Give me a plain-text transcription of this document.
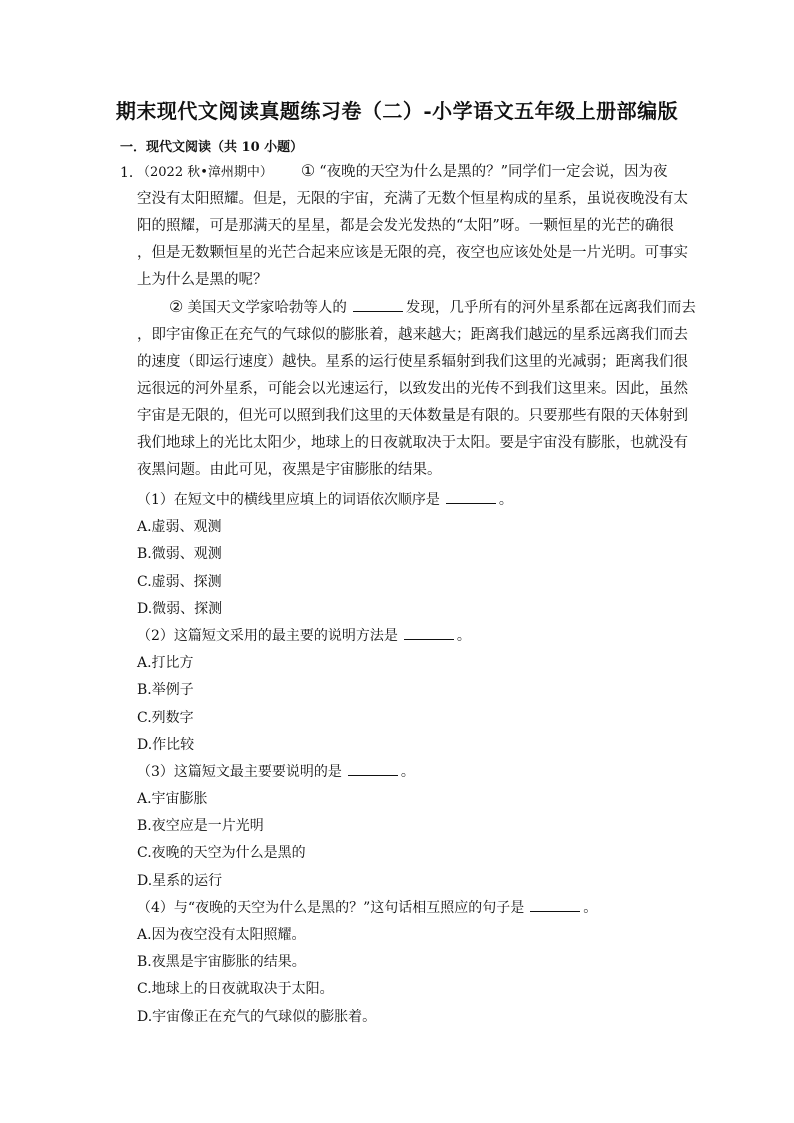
期末现代文阅读真题练习卷（二）-小学语文五年级上册部编版
一．现代文阅读（共 10 小题）
1．
（2022 秋•漳州期中） ① “夜晚的天空为什么是黑的？”同学们一定会说，因为夜
空没有太阳照耀。但是，无限的宇宙，充满了无数个恒星构成的星系，虽说夜晚没有太
阳的照耀，可是那满天的星星，都是会发光发热的“太阳”呀。一颗恒星的光芒的确很
，但是无数颗恒星的光芒合起来应该是无限的亮，夜空也应该处处是一片光明。可事实
上为什么是黑的呢？
② 美国天文学家哈勃等人的	发现，几乎所有的河外星系都在远离我们而去
，即宇宙像正在充气的气球似的膨胀着，越来越大；距离我们越远的星系远离我们而去
的速度（即运行速度）越快。星系的运行使星系辐射到我们这里的光减弱；距离我们很
远很远的河外星系，可能会以光速运行，以致发出的光传不到我们这里来。因此，虽然
宇宙是无限的，但光可以照到我们这里的天体数量是有限的。只要那些有限的天体射到
我们地球上的光比太阳少，地球上的日夜就取决于太阳。要是宇宙没有膨胀，也就没有
夜黑问题。由此可见，夜黑是宇宙膨胀的结果。
（1）在短文中的横线里应填上的词语依次顺序是	。
A.虚弱、观测
B.微弱、观测
C.虚弱、探测
D.微弱、探测
（2）这篇短文采用的最主要的说明方法是	。
A.打比方
B.举例子
C.列数字
D.作比较
（3）这篇短文最主要要说明的是	。
A.宇宙膨胀
B.夜空应是一片光明
C.夜晚的天空为什么是黑的
D.星系的运行
（4）与“夜晚的天空为什么是黑的？”这句话相互照应的句子是	。
A.因为夜空没有太阳照耀。
B.夜黑是宇宙膨胀的结果。
C.地球上的日夜就取决于太阳。
D.宇宙像正在充气的气球似的膨胀着。
